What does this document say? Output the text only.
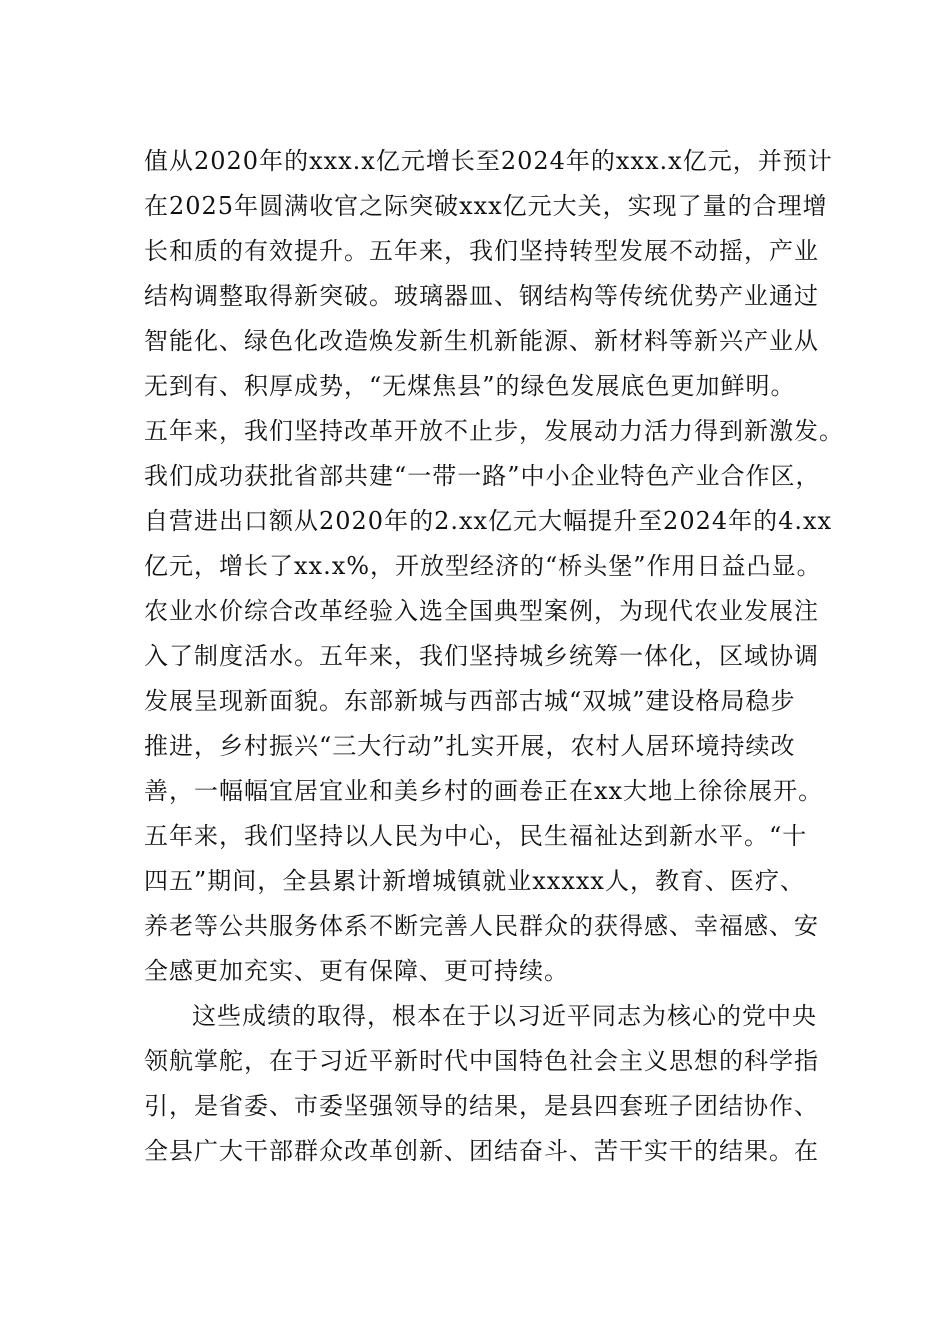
值从2020年的xxx.x亿元增长至2024年的xxx.x亿元，并预计
在2025年圆满收官之际突破xxx亿元大关，实现了量的合理增
长和质的有效提升。五年来，我们坚持转型发展不动摇，产业
结构调整取得新突破。玻璃器皿、钢结构等传统优势产业通过
智能化、绿色化改造焕发新生机新能源、新材料等新兴产业从
无到有、积厚成势，“无煤焦县”的绿色发展底色更加鲜明。
五年来，我们坚持改革开放不止步，发展动力活力得到新激发。
我们成功获批省部共建“一带一路”中小企业特色产业合作区，
自营进出口额从2020年的2.xx亿元大幅提升至2024年的4.xx
亿元，增长了xx.x%，开放型经济的“桥头堡”作用日益凸显。
农业水价综合改革经验入选全国典型案例，为现代农业发展注
入了制度活水。五年来，我们坚持城乡统筹一体化，区域协调
发展呈现新面貌。东部新城与西部古城“双城”建设格局稳步
推进，乡村振兴“三大行动”扎实开展，农村人居环境持续改
善，一幅幅宜居宜业和美乡村的画卷正在xx大地上徐徐展开。
五年来，我们坚持以人民为中心，民生福祉达到新水平。“十
四五”期间，全县累计新增城镇就业xxxxx人，教育、医疗、
养老等公共服务体系不断完善人民群众的获得感、幸福感、安
全感更加充实、更有保障、更可持续。
这些成绩的取得，根本在于以习近平同志为核心的党中央
领航掌舵，在于习近平新时代中国特色社会主义思想的科学指
引，是省委、市委坚强领导的结果，是县四套班子团结协作、
全县广大干部群众改革创新、团结奋斗、苦干实干的结果。在
